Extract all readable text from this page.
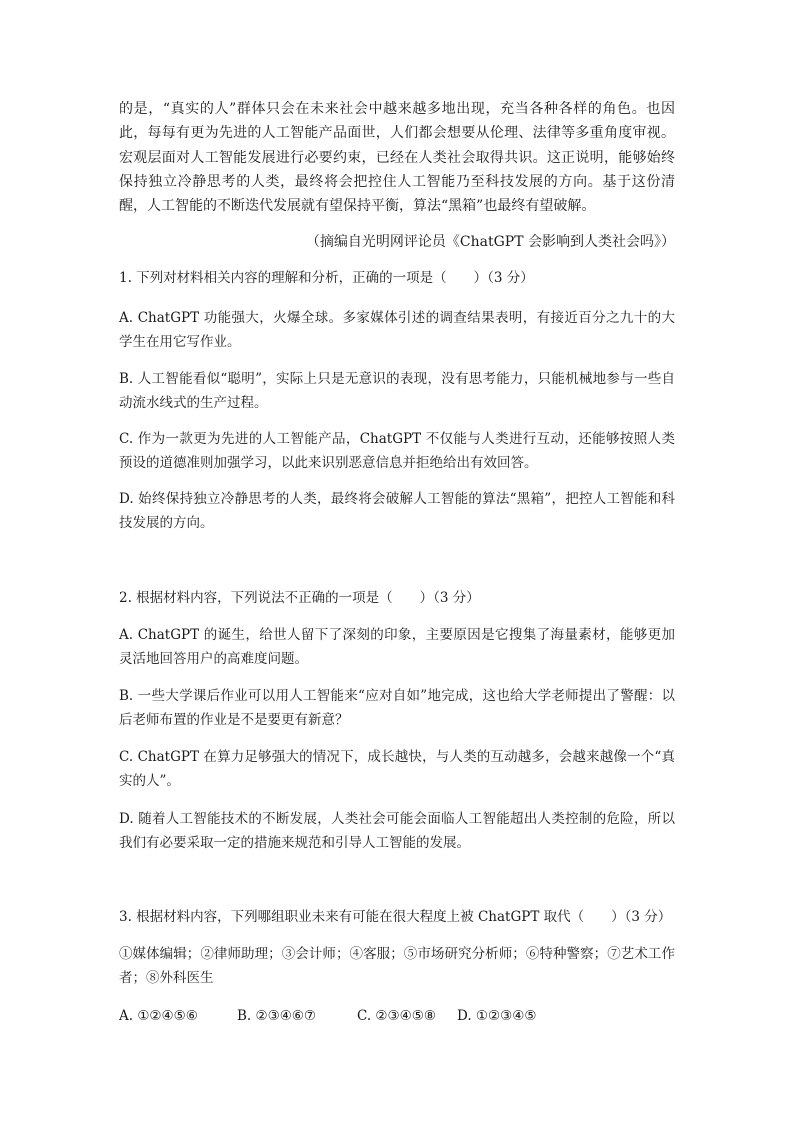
的是，“真实的人”群体只会在未来社会中越来越多地出现，充当各种各样的角色。也因此，每每有更为先进的人工智能产品面世，人们都会想要从伦理、法律等多重角度审视。宏观层面对人工智能发展进行必要约束，已经在人类社会取得共识。这正说明，能够始终保持独立冷静思考的人类，最终将会把控住人工智能乃至科技发展的方向。基于这份清醒，人工智能的不断迭代发展就有望保持平衡，算法“黑箱”也最终有望破解。

（摘编自光明网评论员《ChatGPT 会影响到人类社会吗》）
1. 下列对材料相关内容的理解和分析，正确的一项是（　　）（3 分）
A. ChatGPT 功能强大，火爆全球。多家媒体引述的调查结果表明，有接近百分之九十的大学生在用它写作业。
B. 人工智能看似“聪明”，实际上只是无意识的表现，没有思考能力，只能机械地参与一些自动流水线式的生产过程。
C. 作为一款更为先进的人工智能产品，ChatGPT 不仅能与人类进行互动，还能够按照人类预设的道德准则加强学习，以此来识别恶意信息并拒绝给出有效回答。
D. 始终保持独立冷静思考的人类，最终将会破解人工智能的算法“黑箱”，把控人工智能和科技发展的方向。
2. 根据材料内容，下列说法不正确的一项是（　　）（3 分）
A. ChatGPT 的诞生，给世人留下了深刻的印象，主要原因是它搜集了海量素材，能够更加灵活地回答用户的高难度问题。
B. 一些大学课后作业可以用人工智能来“应对自如”地完成，这也给大学老师提出了警醒：以后老师布置的作业是不是要更有新意？
C. ChatGPT 在算力足够强大的情况下，成长越快，与人类的互动越多，会越来越像一个“真实的人”。
D. 随着人工智能技术的不断发展，人类社会可能会面临人工智能超出人类控制的危险，所以我们有必要采取一定的措施来规范和引导人工智能的发展。
3. 根据材料内容，下列哪组职业未来有可能在很大程度上被 ChatGPT 取代（　　）（3 分）
①媒体编辑；②律师助理；③会计师；④客服；⑤市场研究分析师；⑥特种警察；⑦艺术工作者；⑧外科医生
A. ①②④⑤⑥	B. ②③④⑥⑦	C. ②③④⑤⑧ D. ①②③④⑤
